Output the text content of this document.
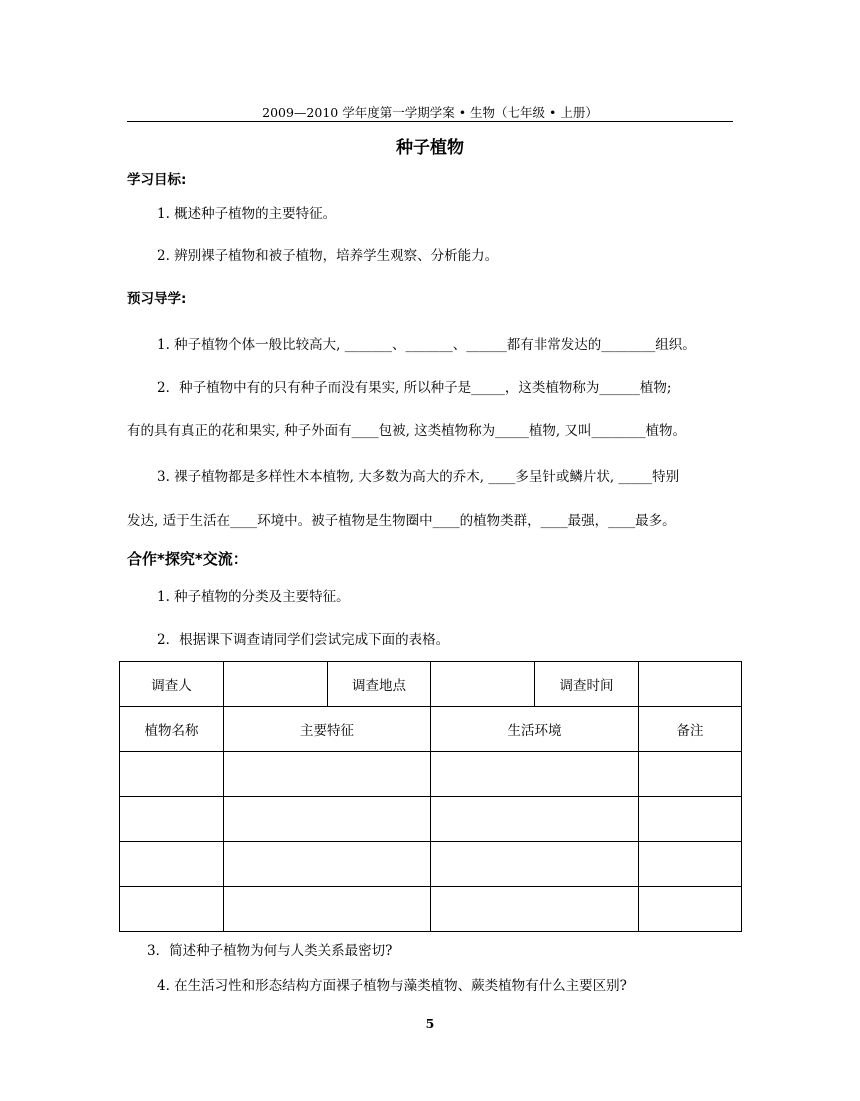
2009—2010 学年度第一学期学案 • 生物（七年级 • 上册）
种子植物
学习目标:
1. 概述种子植物的主要特征。
2. 辨别裸子植物和被子植物，培养学生观察、分析能力。
预习导学:
1. 种子植物个体一般比较高大, _______、_______、______都有非常发达的________组织。
2．种子植物中有的只有种子而没有果实, 所以种子是_____，这类植物称为______植物;
有的具有真正的花和果实, 种子外面有____包被, 这类植物称为_____植物, 又叫________植物。
3. 裸子植物都是多样性木本植物, 大多数为高大的乔木, ____多呈针或鳞片状, _____特别
发达, 适于生活在____环境中。被子植物是生物圈中____的植物类群，____最强，____最多。
合作*探究*交流：
1. 种子植物的分类及主要特征。
2．根据课下调查请同学们尝试完成下面的表格。
调查人		调查地点		调查时间	
植物名称	主要特征		生活环境		备注

3．简述种子植物为何与人类关系最密切?
4. 在生活习性和形态结构方面裸子植物与藻类植物、蕨类植物有什么主要区别?
5
